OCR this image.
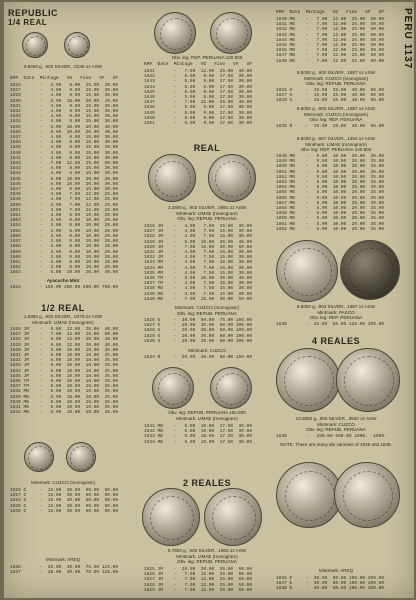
PERU 1137
REPUBLIC
1/4 REAL
0.8450 g, .903 SILVER, .0245 oz ASW
KM#  Date  Mintage   VG   Fine   VF   XF
1826       -   4.00   8.00  15.00  30.00
1827       -   4.00   8.00  15.00  30.00
1829       -   4.00   8.00  15.00  30.00
1830       -   5.00  10.00  20.00  40.00
1831       -   4.00   8.00  15.00  30.00
1832       -   4.00   8.00  15.00  30.00
1833       -   4.00   8.00  15.00  30.00
1834       -   4.00   8.00  15.00  30.00
1835       -   5.00  10.00  20.00  40.00
1836       -   5.00  10.00  20.00  40.00
1837       -   4.00   8.00  15.00  30.00
1838       -   4.00   8.00  15.00  30.00
1839       -   4.00   8.00  15.00  30.00
1840       -   4.00   8.00  15.00  30.00
1841       -   4.00   8.00  15.00  30.00
1842       -   7.00  12.50  25.00  50.00
1843       -   4.00   8.00  15.00  30.00
1844       -   4.00   8.00  15.00  30.00
1845       -   5.00  10.00  20.00  40.00
1846       -   5.00  10.00  20.00  40.00
1847       -   4.00   8.00  15.00  30.00
1848       -   4.00   7.00  12.00  25.00
1849       -   4.00   7.00  12.00  25.00
1850       -   4.00   7.00  12.00  25.00
1851       -   4.00   7.00  12.00  25.00
1852       -   3.00   6.00  10.00  20.00
1853       -   3.00   6.00  10.00  20.00
1854       -   3.00   6.00  10.00  20.00
1855       -   3.00   6.00  10.00  20.00
1856       -   3.00   6.00  10.00  20.00
1857       -   3.00   6.00  10.00  20.00
1858       -   3.00   6.00  10.00  20.00
1859       -   3.00   6.00  10.00  20.00
1860       -   3.00   6.00  10.00  20.00
1861       -   3.00   6.00  10.00  20.00
1862       -   3.00   6.00  10.00  20.00
1863       -   5.00  10.00  20.00  40.00
Ayacucho Mint
1826       - 150.00 250.00 500.00 750.00
1/2 REAL
1.6900 g, .903 SILVER, .0479 oz ASW
Mintmark: LIMAE (monogram)
1826 JM    -   6.00  12.00  20.00  40.00
1827 JM    -   7.00  14.00  25.00  50.00
1828 JM    -   6.00  12.00  20.00  40.00
1829 JM    -   6.00  12.00  20.00  40.00
1830 JM    -   5.00  10.00  18.00  35.00
1831 JM    -   5.00  10.00  18.00  35.00
1832 JM    -   5.00  10.00  18.00  35.00
1833 JM    -   5.00  10.00  18.00  35.00
1834 JM    -   5.00  10.00  18.00  35.00
1835 JM    -   5.00  10.00  18.00  35.00
1836 TM    -   5.00  10.00  18.00  35.00
1837 TM    -   5.00  10.00  18.00  35.00
1838 MB    -   5.00  10.00  18.00  35.00
1839 MB    -   5.00  10.00  18.00  35.00
1840 MB    -   5.00  10.00  18.00  35.00
1841 MB    -   5.00  10.00  18.00  35.00
1842 MB    -   5.00  10.00  18.00  35.00
Mintmark: CUZCO (monogram)
1826 G     -  15.00  30.00  50.00  90.00
1827 G     -  15.00  30.00  50.00  90.00
1828 G     -  15.00  30.00  50.00  90.00
1829 G     -  15.00  30.00  50.00  90.00
1830 G     -  15.00  30.00  50.00  90.00
Mintmark: AREQ
1836       -  20.00  40.00  75.00 125.00
1837       -  20.00  40.00  75.00 125.00
Obv. leg: REP. PERUANA 100.500
KM#  Date  Mintage   VG   Fine   VF   XF
1841       -   7.00  12.00  25.00  40.00
1842       -   5.00   9.00  17.50  30.00
1843       -   5.00   9.00  17.50  30.00
1844       -   5.00   9.00  17.50  30.00
1845       -   5.00   9.00  17.50  30.00
1846       -   5.00   9.00  17.50  30.00
1847       -   7.00  12.00  25.00  40.00
1848       -   5.00   9.00  17.50  30.00
1849       -   5.00   9.00  17.50  30.00
1850       -   5.00   9.00  17.50  30.00
1851       -   5.00   9.00  17.50  30.00
REAL
3.3800 g, .903 SILVER, .0981 oz ASW
Mintmark: LIMAE (monogram)
Obv. leg: REPUB. PERUANA
1826 JM    -   4.00   7.50  15.00  30.00
1827 JM    -   4.00   7.50  15.00  30.00
1828 JM    -   4.00   7.50  15.00  30.00
1829 JM    -   5.00  10.00  20.00  40.00
1830 JM    -   7.00  15.00  30.00  50.00
1831 JM    -   4.00   7.50  15.00  30.00
1832 JM    -   4.00   7.50  15.00  30.00
1833 MM    -   4.00   7.50  15.00  30.00
1834 MM    -   4.00   7.50  15.00  30.00
1835 MM    -   4.00   7.50  15.00  30.00
1836 TM    -   5.00  10.00  20.00  40.00
1837 TM    -   4.00   7.50  15.00  30.00
1838 MB    -   4.00   7.50  15.00  30.00
1839 MB    -   4.00   7.50  15.00  30.00
1840 MB    -   7.00  15.00  30.00  50.00
Mintmark: CUZCO (monogram)
Obv. leg: REPUB. PERUANA
1826 G     -  30.00  50.00  75.00 100.00
1827 G     -  20.00  35.00  60.00 100.00
1828 G     -  20.00  35.00  60.00 100.00
1829 G     -  20.00  35.00  60.00 100.00
1830 G     -  20.00  35.00  60.00 100.00
Mintmark: CUZCO
1834 B     -  20.00  40.00  80.00 150.00
Obv. leg: REPUB. PERUANA 100.500
Mintmark: LIMAE (monogram)
1841 MB    -   5.00  10.00  17.50  30.00
1842 MB    -   5.00  10.00  17.50  30.00
1843 MB    -   5.00  10.00  17.50  30.00
1844 MB    -   5.00  10.00  17.50  30.00
2 REALES
6.7600 g, .903 SILVER, .1963 oz ASW
Mintmark: LIMAE (monogram)
Obv. leg: REPUB. PERUANA
1825 JM    -  10.00  20.00  35.00  60.00
1826 JM    -   7.00  12.00  25.00  50.00
1827 JM    -   7.00  12.00  25.00  50.00
1828 JM    -   7.00  12.00  25.00  50.00
1829 JM    -   7.00  12.00  25.00  50.00
KM#  Date  Mintage   VG   Fine   VF   XF
1840 MB    -   7.00  12.00  25.00  50.00
1841 MB    -   7.00  12.00  25.00  50.00
1842 MB    -   7.00  12.00  25.00  50.00
1843 MB    -   7.00  12.00  25.00  50.00
1844 MB    -   7.00  12.00  25.00  50.00
1845 MB    -   7.00  12.00  25.00  50.00
1846 MB    -   7.00  12.00  25.00  50.00
1847 MB    -   7.00  12.00  25.00  50.00
1848 MB    -   7.00  12.00  25.00  50.00
6.5000 g, .903 SILVER, .1887 oz ASW
Mintmark: CUZCO (monogram)
Obv. leg: REPUB. PERUANA
1826 G     -  15.00  25.00  40.00  65.00
1827 G     -  15.00  25.00  40.00  65.00
1828 G     -  15.00  25.00  40.00  65.00
6.5000 g, .903 SILVER, .1887 oz ASW
Mintmark: CUZCO (monogram)
Obv. leg: REP. PERUANA
1838 B     -  15.00  25.00  40.00  65.00
6.5000 g, .667 SILVER, .1394 oz ASW
Mintmark: LIMAE (monogram)
Obv. leg: REP. PERUANA 100.500
1848 MB    -   5.00  10.00  20.00  35.00
1849 MB    -   5.00  10.00  20.00  35.00
1850 MB    -   5.00  10.00  20.00  35.00
1851 MB    -   5.00  10.00  20.00  35.00
1852 MB    -   5.00  10.00  20.00  35.00
1853 MB    -   5.00  10.00  20.00  35.00
1854 MB    -   5.00  10.00  20.00  35.00
1855 MB    -   5.00  10.00  20.00  35.00
1856 MB    -   5.00  10.00  20.00  35.00
1857 MB    -   5.00  10.00  20.00  35.00
1858 MB    -   5.00  10.00  20.00  35.00
1859 MB    -   5.00  10.00  20.00  35.00
1860 MB    -   5.00  10.00  20.00  35.00
1861 MB    -   5.00  10.00  20.00  35.00
1862 MB    -   5.00  10.00  20.00  35.00
6.5000 g, .903 SILVER, .1887 oz ASW
Mintmark: PASCO
Obv. leg: REP. PERUANA
1836       -  35.00  65.00 125.00 200.00
4 REALES
13.5000 g, .903 SILVER, .3920 oz ASW
Mintmark: CUZCO
Obv. leg: REPUB. PERUANA
1836       -   250.00 500.00 1000.  1500.
NOTE: There are many die varieties of 1835 and 1836.
Mintmark: AREQ
1836 E     -  30.00  60.00 100.00 200.00
1837 E     -  30.00  60.00 100.00 200.00
1838 E     -  30.00  60.00 100.00 200.00
